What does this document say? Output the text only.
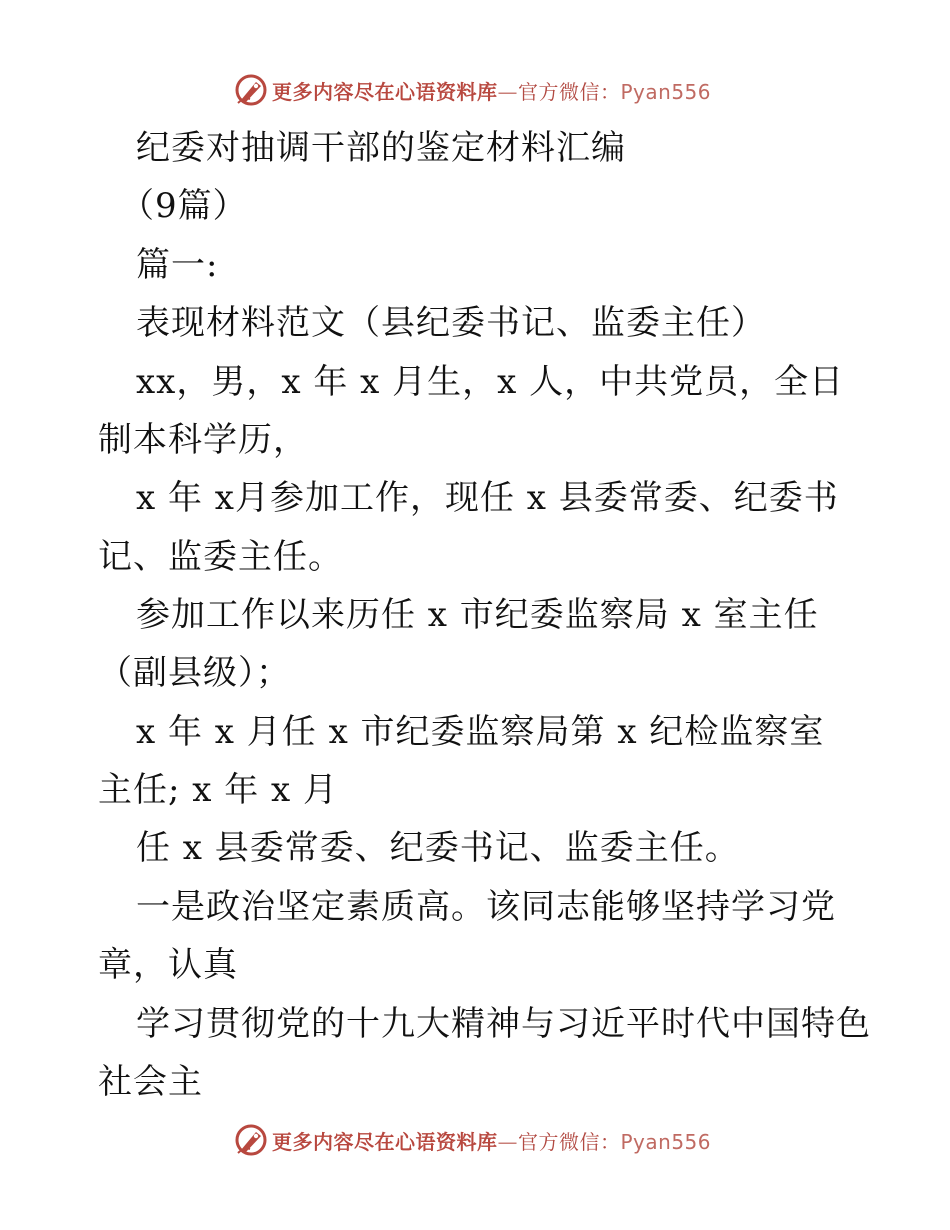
更多内容尽在心语资料库—官方微信：Pyan556
纪委对抽调干部的鉴定材料汇编
（9篇）
篇一:
表现材料范文（县纪委书记、监委主任）
xx，男，x 年 x 月生，x 人，中共党员，全日
制本科学历，
x 年 x月参加工作，现任 x 县委常委、纪委书
记、监委主任。
参加工作以来历任 x 市纪委监察局 x 室主任
（副县级）；
x 年 x 月任 x 市纪委监察局第 x 纪检监察室
主任; x 年 x 月
任 x 县委常委、纪委书记、监委主任。
一是政治坚定素质高。该同志能够坚持学习党
章，认真
学习贯彻党的十九大精神与习近平时代中国特色
社会主
更多内容尽在心语资料库—官方微信：Pyan556
